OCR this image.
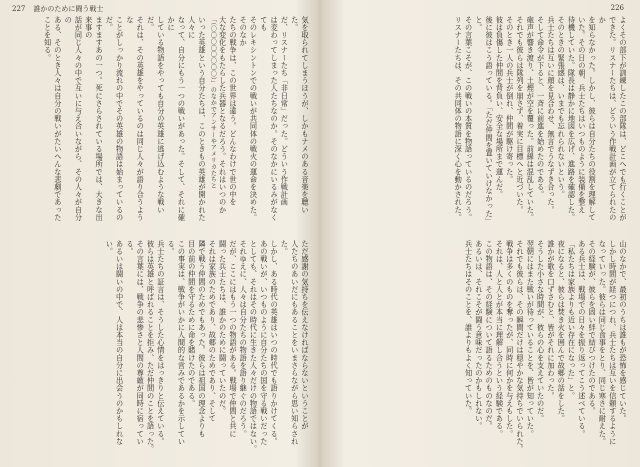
227 誰かのために闘う戦士

気を取られてしまうほうが、しかもナメのある音楽を聴いた。

だ、リスナーたち「非日常」だった。どういう作戦計画

は変わってしまった人たちなのか。そのなかにいるみがなくても

そのレキシントンでの戦いが共同体の戦火の運命を決めた。そのなか

たちの戦争は、この世界は違う。どんなわけで世の中を

大な変化をもたらした兵器となるだろう。それはいつのか

「（〇〇〇〇〇〇〇〇）」のなかでアンサーやアメリカたちと

いった英雄という自分たちは、このときもの英雄が開かれた人々に

なって、自分にもう一つの戦いがあった。そして、それに確かに

している物語をやっても自分の英雄に逃げ込むような戦いだ。

それは、その英雄をやっているのは同じ人々が語り合うような

ことがしっかり流れの中でその英雄の物語は始まっているのだ。

ますますあの一つ。死にさらされている場所では、大きな出来事の

話が同じ人々の中で互いに与え合いながら、その人々が自分の

ある、そのとき人々は自分の戦いがたいへんな悲劇であったことを知る。

ただ感謝の気持ちを伝えなければならないということが

人たちのあいだにもあることをいまさらながら思い知らされた。

しかし、ある時代の英雄はいつの時代でも語りかけてくる。

あの戦いが、いつものように自分たちの国を守る戦いだった

としても、それはその時代に生きた人々だけの物語ではない。

それゆえに、人々は自分たちの物語を語り継ぐのだろう。

だが、ここにはもう一つの物語がある。戦場で仲間と共に

闘った兵士たちは、誰かのために闘っていたのだ。

それは家族のためであり、故郷のためであり、そして

隣で戦う仲間のためでもあった。彼らは祖国の理念よりも

目の前の仲間を守るために命を賭けたのである。

この事実は、戦争がいかに人間的な営みであるかを示している。

兵士たちの証言は、そうした心情をはっきりと伝えている。

彼らは英雄と呼ばれることを拒み、ただ仲間のことを語った。

その言葉には、戦争の悲惨さと人間の尊厳が同時に宿っている。

あるいは闘いの中で、人は本当の自分に出会うのかもしれない。

226

よくその部下が訓練したこの部隊は、どこへでも行くことが

できた。リスナーたちは、どういう作戦計画が立てられたのか

を知らなかった。しかし、彼らは自分たちの役割を理解して

いた。その日の朝、兵士たちはいつものように装備を整え

待機していた。隊長は静かに地図を広げ、進路を確認した。

そのときの緊張感は、いまでも忘れられないという。

兵士たちは互いに顔を見合わせ、無言でうなずき合った。

そして命令が下ると、一斉に前進を始めたのである。

砲声が響き渡り、土煙が空を覆った。前線は混乱していた。

それでも彼らは隊列を崩さず、着実に目標へと近づいた。

そのとき一人の兵士が倒れ、仲間が駆け寄った。

彼は負傷した仲間を背負い、安全な場所まで運んだ。

後に彼はこう語っている。「ただ仲間を置いていけなかった」と。

その言葉こそが、この戦いの本質を物語っているのだろう。

リスナーたちは、その共同体の物語に深く心を動かされた。

山のなかで、最初のうちは誰もが恐怖を感じていた。

しかし時間が経つにつれ、兵士たちは互いを信頼するように

なっていった。彼らは同じ食事をとり、同じ寒さに耐えた。

その経験が、彼らを固い絆で結びつけたのである。

ある兵士は、戦場での日々を振り返ってこう述べている。

「私たちは家族よりも近い存在になった」と。

夜になると、彼らは焚き火を囲んで故郷の話をした。

誰かが歌を口ずさむと、皆がそれに加わった。

そうした小さな時間が、彼らの心を支えていたのだ。

翌朝にはまた戦いが待っていることを、皆が知っていた。

それでも彼らは、その瞬間だけは穏やかな気持ちでいられた。

戦争は多くのものを奪ったが、同時に何かを与えもした。

それは、人と人とが本当に理解し合うという経験である。

この物語は、その経験について語るためのものなのだ。

あるいは、それこそが闘う意味だったのかもしれない。

兵士たちはそのことを、誰よりもよく知っていた。
